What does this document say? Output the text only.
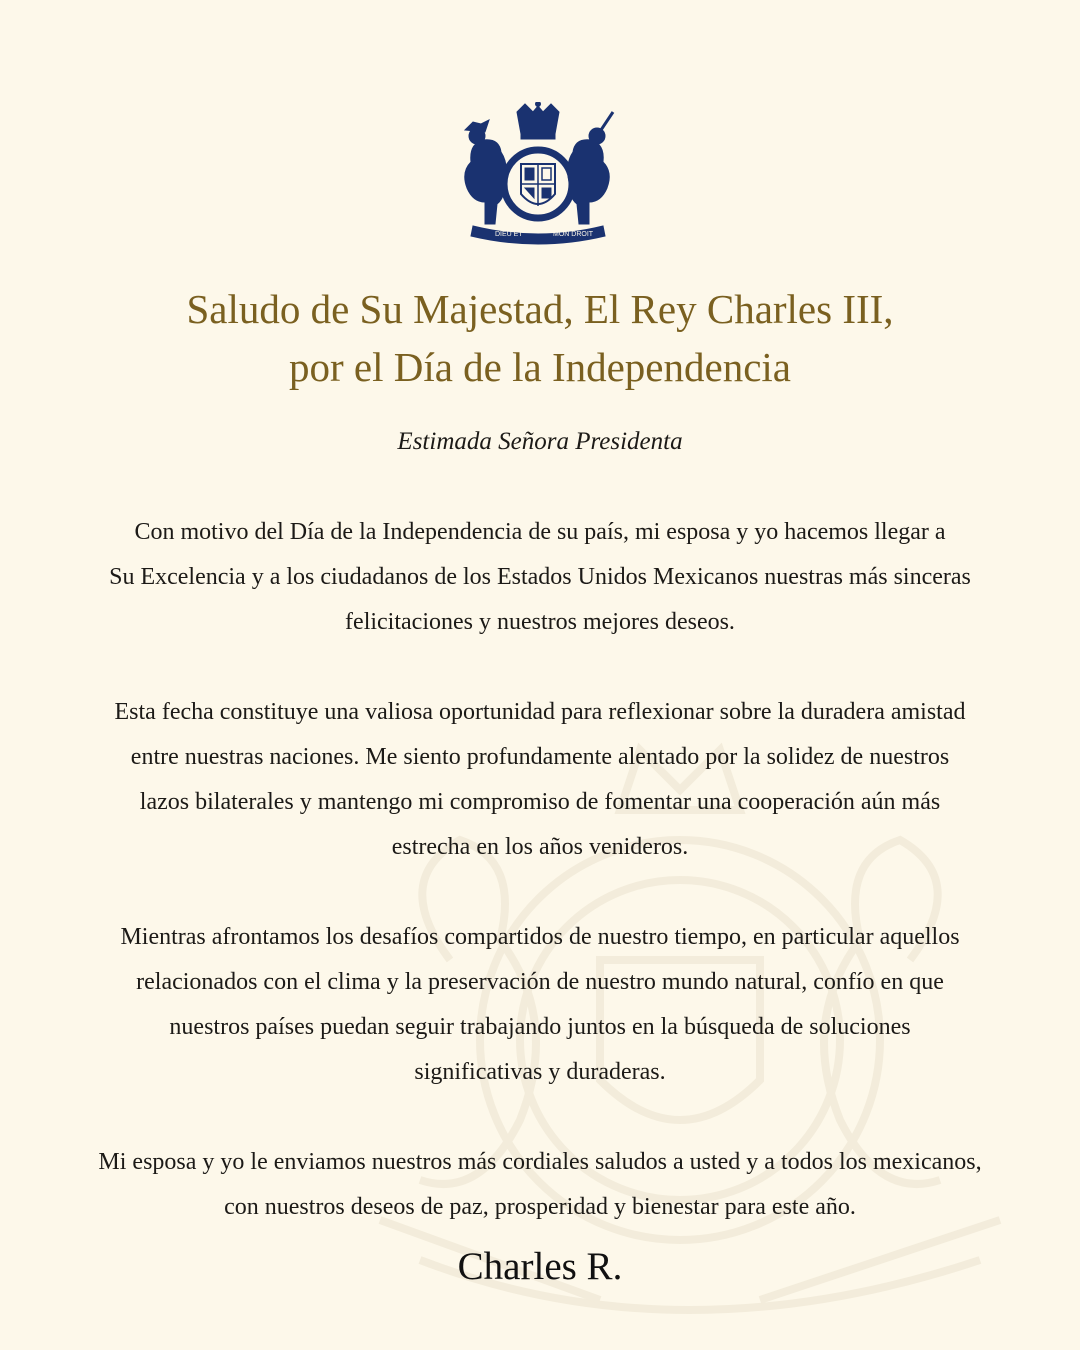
DIEU ET	MON DROIT
Saludo de Su Majestad, El Rey Charles III,
por el Día de la Independencia
Estimada Señora Presidenta

Con motivo del Día de la Independencia de su país, mi esposa y yo hacemos llegar a
Su Excelencia y a los ciudadanos de los Estados Unidos Mexicanos nuestras más sinceras
felicitaciones y nuestros mejores deseos.

Esta fecha constituye una valiosa oportunidad para reflexionar sobre la duradera amistad
entre nuestras naciones. Me siento profundamente alentado por la solidez de nuestros
lazos bilaterales y mantengo mi compromiso de fomentar una cooperación aún más
estrecha en los años venideros.

Mientras afrontamos los desafíos compartidos de nuestro tiempo, en particular aquellos
relacionados con el clima y la preservación de nuestro mundo natural, confío en que
nuestros países puedan seguir trabajando juntos en la búsqueda de soluciones
significativas y duraderas.

Mi esposa y yo le enviamos nuestros más cordiales saludos a usted y a todos los mexicanos,
con nuestros deseos de paz, prosperidad y bienestar para este año.

Charles R.
